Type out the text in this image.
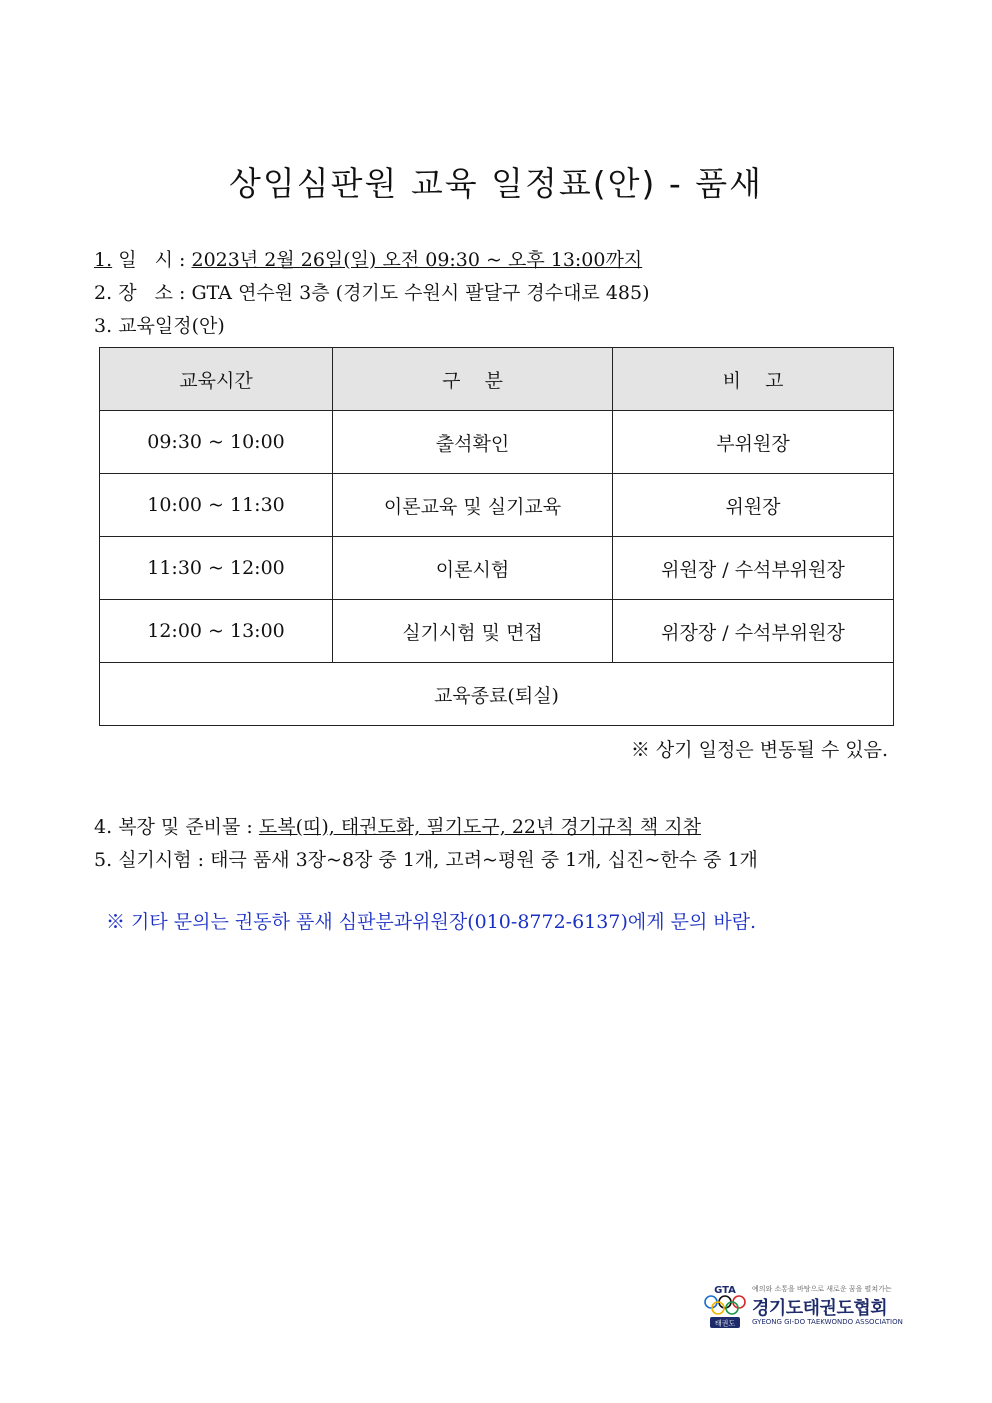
상임심판원 교육 일정표(안) - 품새
1. 일   시 : 2023년 2월 26일(일) 오전 09:30 ~ 오후 13:00까지
2. 장   소 : GTA 연수원 3층 (경기도 수원시 팔달구 경수대로 485)
3. 교육일정(안)
교육시간	구    분	비    고
09:30 ~ 10:00	출석확인	부위원장
10:00 ~ 11:30	이론교육 및 실기교육	위원장
11:30 ~ 12:00	이론시험	위원장 / 수석부위원장
12:00 ~ 13:00	실기시험 및 면접	위장장 / 수석부위원장
교육종료(퇴실)		
※ 상기 일정은 변동될 수 있음.
4. 복장 및 준비물 : 도복(띠), 태권도화, 필기도구, 22년 경기규칙 책 지참
5. 실기시험 : 태극 품새 3장~8장 중 1개, 고려~평원 중 1개, 십진~한수 중 1개
※ 기타 문의는 권동하 품새 심판분과위원장(010-8772-6137)에게 문의 바람.
GTA
태권도
예의와 소통을 바탕으로 새로운 꿈을 펼쳐가는
경기도태권도협회
GYEONG GI-DO TAEKWONDO ASSOCIATION
